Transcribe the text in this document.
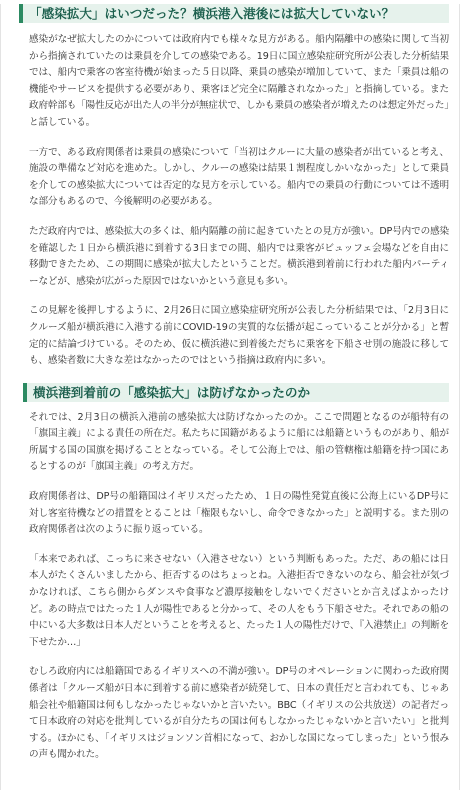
「感染拡大」はいつだった？横浜港入港後には拡大していない？

感染がなぜ拡大したのかについては政府内でも様々な見方がある。船内隔離中の感染に関して当初から指摘されていたのは乗員を介しての感染である。19日に国立感染症研究所が公表した分析結果では、船内で乗客の客室待機が始まった５日以降、乗員の感染が増加していて、また「乗員は船の機能やサービスを提供する必要があり、乗客ほど完全に隔離されなかった」と指摘している。また政府幹部も「陽性反応が出た人の半分が無症状で、しかも乗員の感染者が増えたのは想定外だった」と話している。

一方で、ある政府関係者は乗員の感染について「当初はクルーに大量の感染者が出ていると考え、施設の準備など対応を進めた。しかし、クルーの感染は結果１割程度しかいなかった」として乗員を介しての感染拡大については否定的な見方を示している。船内での乗員の行動については不透明な部分もあるので、今後解明の必要がある。

ただ政府内では、感染拡大の多くは、船内隔離の前に起きていたとの見方が強い。DP号内での感染を確認した１日から横浜港に到着する3日までの間、船内では乗客がビュッフェ会場などを自由に移動できたため、この期間に感染が拡大したということだ。横浜港到着前に行われた船内パーティーなどが、感染が広がった原因ではないかという意見も多い。

この見解を後押しするように、2月26日に国立感染症研究所が公表した分析結果では、「2月3日にクルーズ船が横浜港に入港する前にCOVID-19の実質的な伝播が起こっていることが分かる」と暫定的に結論づけている。そのため、仮に横浜港に到着後ただちに乗客を下船させ別の施設に移しても、感染者数に大きな差はなかったのではという指摘は政府内に多い。

横浜港到着前の「感染拡大」は防げなかったのか

それでは、2月3日の横浜入港前の感染拡大は防げなかったのか。ここで問題となるのが船特有の「旗国主義」による責任の所在だ。私たちに国籍があるように船には船籍というものがあり、船が所属する国の国旗を掲げることとなっている。そして公海上では、船の管轄権は船籍を持つ国にあるとするのが「旗国主義」の考え方だ。

政府関係者は、DP号の船籍国はイギリスだったため、１日の陽性発覚直後に公海上にいるDP号に対し客室待機などの措置をとることは「権限もないし、命令できなかった」と説明する。また別の政府関係者は次のように振り返っている。

「本来であれば、こっちに来させない（入港させない）という判断もあった。ただ、あの船には日本人がたくさんいましたから、拒否するのはちょっとね。入港拒否できないのなら、船会社が気づかなければ、こちら側からダンスや食事など濃厚接触をしないでくださいとか言えばよかったけど。あの時点ではたった１人が陽性であると分かって、その人をもう下船させた。それであの船の中にいる大多数は日本人だということを考えると、たった１人の陽性だけで、『入港禁止』の判断を下せたか…」

むしろ政府内には船籍国であるイギリスへの不満が強い。DP号のオペレーションに関わった政府関係者は「クルーズ船が日本に到着する前に感染者が続発して、日本の責任だと言われても、じゃあ船会社や船籍国は何もしなかったじゃないかと言いたい。BBC（イギリスの公共放送）の記者だって日本政府の対応を批判しているが自分たちの国は何もしなかったじゃないかと言いたい」と批判する。ほかにも、「イギリスはジョンソン首相になって、おかしな国になってしまった」という恨みの声も聞かれた。
